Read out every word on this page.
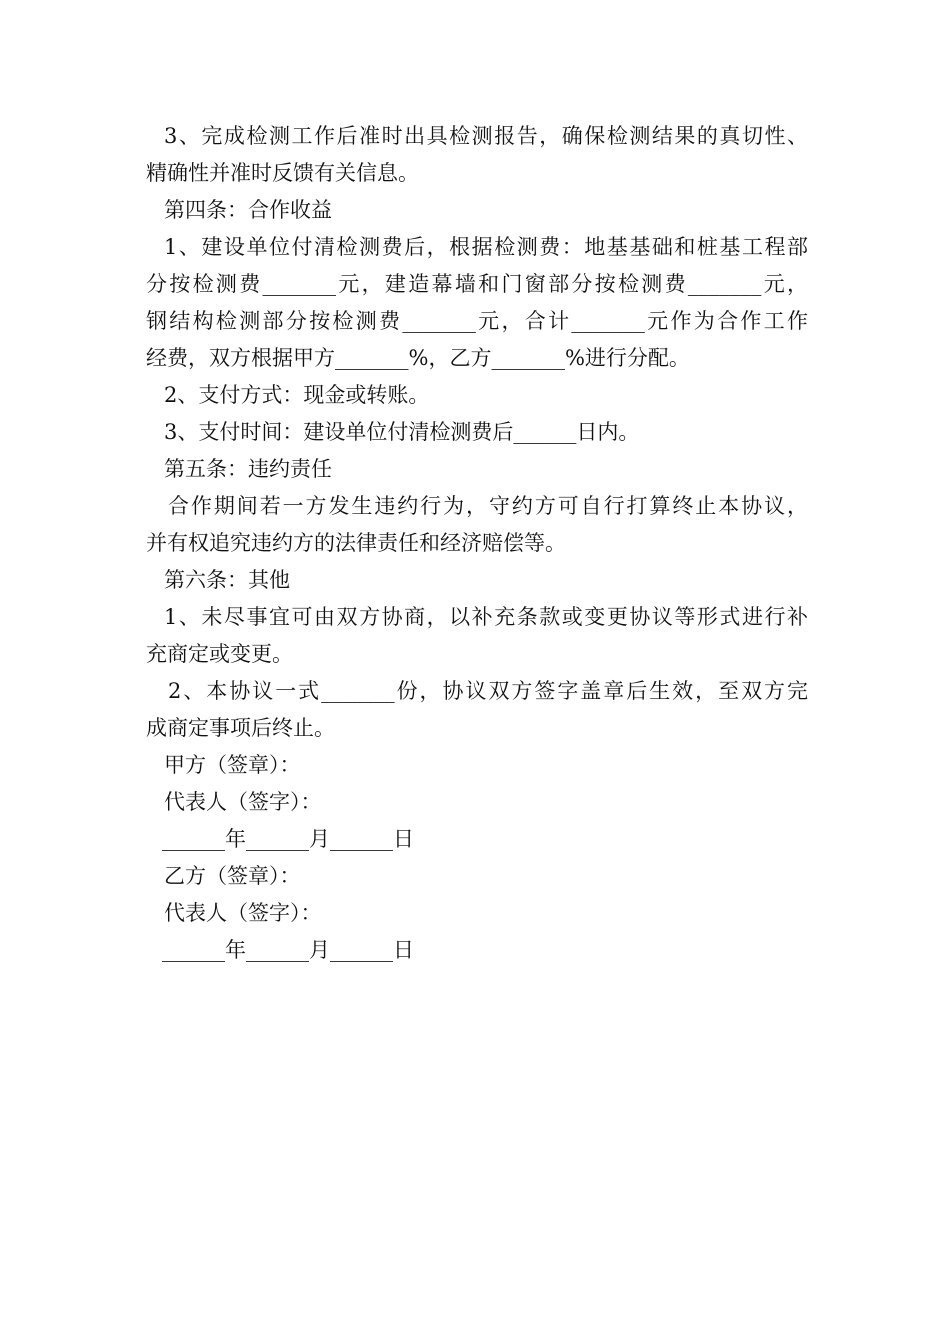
3、完成检测工作后准时出具检测报告，确保检测结果的真切性、
精确性并准时反馈有关信息。
第四条：合作收益
1、建设单位付清检测费后，根据检测费：地基基础和桩基工程部
分按检测费_______元，建造幕墙和门窗部分按检测费_______元，
钢结构检测部分按检测费_______元，合计_______元作为合作工作
经费，双方根据甲方_______%，乙方_______%进行分配。
2、支付方式：现金或转账。
3、支付时间：建设单位付清检测费后______日内。
第五条：违约责任
合作期间若一方发生违约行为，守约方可自行打算终止本协议，
并有权追究违约方的法律责任和经济赔偿等。
第六条：其他
1、未尽事宜可由双方协商，以补充条款或变更协议等形式进行补
充商定或变更。
2、本协议一式_______份，协议双方签字盖章后生效，至双方完
成商定事项后终止。
甲方（签章）：
代表人（签字）：
______年______月______日
乙方（签章）：
代表人（签字）：
______年______月______日
